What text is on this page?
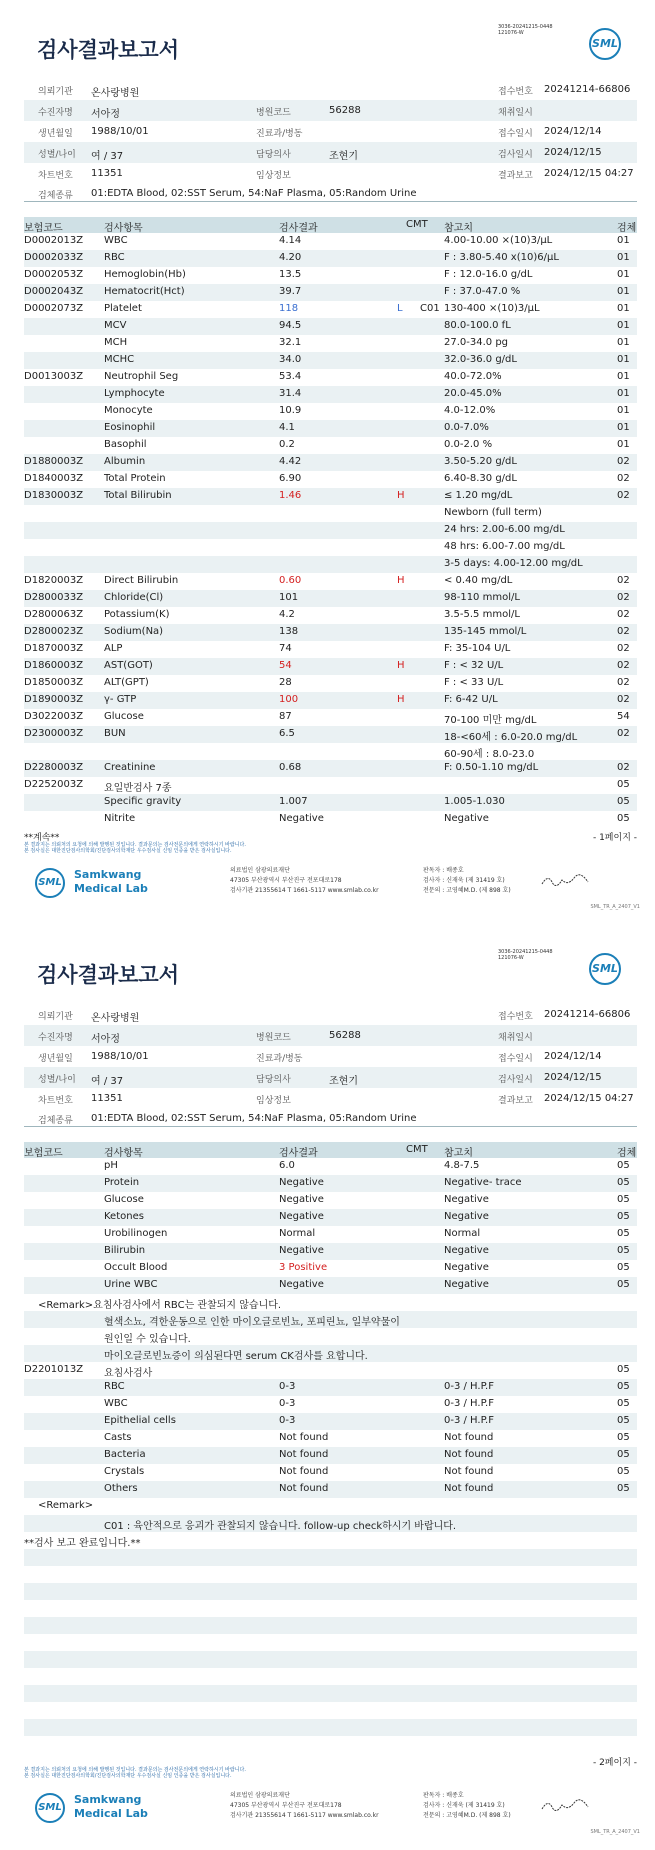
검사결과보고서
3036-20241215-0448
121076-W
SML
의뢰기관 온사랑병원	접수번호 20241214-66806
수진자명 서아정	병원코드	56288	채취일시
생년월일 1988/10/01	진료과/병동	접수일시 2024/12/14
성별/나이 여 / 37	담당의사	조현기	검사일시 2024/12/15
차트번호 11351	임상정보	결과보고 2024/12/15 04:27
검체종류 01:EDTA Blood, 02:SST Serum, 54:NaF Plasma, 05:Random Urine
보험코드	검사항목	검사결과	CMT 참고치	검체
D0002013Z WBC	4.14	4.00-10.00 ×(10)3/μL	01
D0002033Z RBC	4.20	F : 3.80-5.40 x(10)6/μL	01
D0002053Z Hemoglobin(Hb)	13.5	F : 12.0-16.0 g/dL	01
D0002043Z Hematocrit(Hct)	39.7	F : 37.0-47.0 %	01
D0002073Z Platelet	118	L C01 130-400 ×(10)3/μL	01
MCV	94.5	80.0-100.0 fL	01
MCH	32.1	27.0-34.0 pg	01
MCHC	34.0	32.0-36.0 g/dL	01
D0013003Z Neutrophil Seg	53.4	40.0-72.0%	01
Lymphocyte	31.4	20.0-45.0%	01
Monocyte	10.9	4.0-12.0%	01
Eosinophil	4.1	0.0-7.0%	01
Basophil	0.2	0.0-2.0 %	01
D1880003Z Albumin	4.42	3.50-5.20 g/dL	02
D1840003Z Total Protein	6.90	6.40-8.30 g/dL	02
D1830003Z Total Bilirubin	1.46	H	≤ 1.20 mg/dL	02
Newborn (full term)
24 hrs: 2.00-6.00 mg/dL
48 hrs: 6.00-7.00 mg/dL
3-5 days: 4.00-12.00 mg/dL
D1820003Z Direct Bilirubin	0.60	H	< 0.40 mg/dL	02
D2800033Z Chloride(Cl)	101	98-110 mmol/L	02
D2800063Z Potassium(K)	4.2	3.5-5.5 mmol/L	02
D2800023Z Sodium(Na)	138	135-145 mmol/L	02
D1870003Z ALP	74	F: 35-104 U/L	02
D1860003Z AST(GOT)	54	H	F : < 32 U/L	02
D1850003Z ALT(GPT)	28	F : < 33 U/L	02
D1890003Z γ- GTP	100	H	F: 6-42 U/L	02
D3022003Z Glucose	87	70-100 미만 mg/dL	54
D2300003Z BUN	6.5	18-<60세 : 6.0-20.0 mg/dL	02
60-90세 : 8.0-23.0
D2280003Z Creatinine	0.68	F: 0.50-1.10 mg/dL	02
D2252003Z 요일반검사 7종	05
Specific gravity	1.007	1.005-1.030	05
Nitrite	Negative	Negative	05
**계속**	- 1페이지 -
본 결과지는 의뢰처의 요청에 의해 발행된 것입니다. 결과문의는 검사전문의에게 연락하시기 바랍니다.
본 검사실은 대한진단검사의학회/진단검사의학재단 우수검사실 신임 인증을 받은 검사실입니다.
SML
Samkwang
Medical Lab
의료법인 삼광의료재단
47305 부산광역시 부산진구 전포대로178
검사기관 21355614 T 1661-5117 www.smlab.co.kr
판독자 : 배종호
검사자 : 신재욱 (제 31419 호)
전문의 : 고영혜M.D. (제 898 호)
SML_TR_A_2407_V1
검사결과보고서
3036-20241215-0448
121076-W
SML
의뢰기관 온사랑병원	접수번호 20241214-66806
수진자명 서아정	병원코드	56288	채취일시
생년월일 1988/10/01	진료과/병동	접수일시 2024/12/14
성별/나이 여 / 37	담당의사	조현기	검사일시 2024/12/15
차트번호 11351	임상정보	결과보고 2024/12/15 04:27
검체종류 01:EDTA Blood, 02:SST Serum, 54:NaF Plasma, 05:Random Urine
보험코드	검사항목	검사결과	CMT 참고치	검체
pH	6.0	4.8-7.5	05
Protein	Negative	Negative- trace	05
Glucose	Negative	Negative	05
Ketones	Negative	Negative	05
Urobilinogen	Normal	Normal	05
Bilirubin	Negative	Negative	05
Occult Blood	3 Positive	Negative	05
Urine WBC	Negative	Negative	05
<Remark>요침사검사에서 RBC는 관찰되지 않습니다.
혈색소뇨, 격한운동으로 인한 마이오글로빈뇨, 포피린뇨, 일부약물이
원인일 수 있습니다.
마이오글로빈뇨증이 의심된다면 serum CK검사를 요합니다.
D2201013Z 요침사검사	05
RBC	0-3	0-3 / H.P.F	05
WBC	0-3	0-3 / H.P.F	05
Epithelial cells	0-3	0-3 / H.P.F	05
Casts	Not found	Not found	05
Bacteria	Not found	Not found	05
Crystals	Not found	Not found	05
Others	Not found	Not found	05
<Remark>
C01 : 육안적으로 응괴가 관찰되지 않습니다. follow-up check하시기 바랍니다.
**검사 보고 완료입니다.**
- 2페이지 -
본 결과지는 의뢰처의 요청에 의해 발행된 것입니다. 결과문의는 검사전문의에게 연락하시기 바랍니다.
본 검사실은 대한진단검사의학회/진단검사의학재단 우수검사실 신임 인증을 받은 검사실입니다.
SML
Samkwang
Medical Lab
의료법인 삼광의료재단
47305 부산광역시 부산진구 전포대로178
검사기관 21355614 T 1661-5117 www.smlab.co.kr
판독자 : 배종호
검사자 : 신재욱 (제 31419 호)
전문의 : 고영혜M.D. (제 898 호)
SML_TR_A_2407_V1
